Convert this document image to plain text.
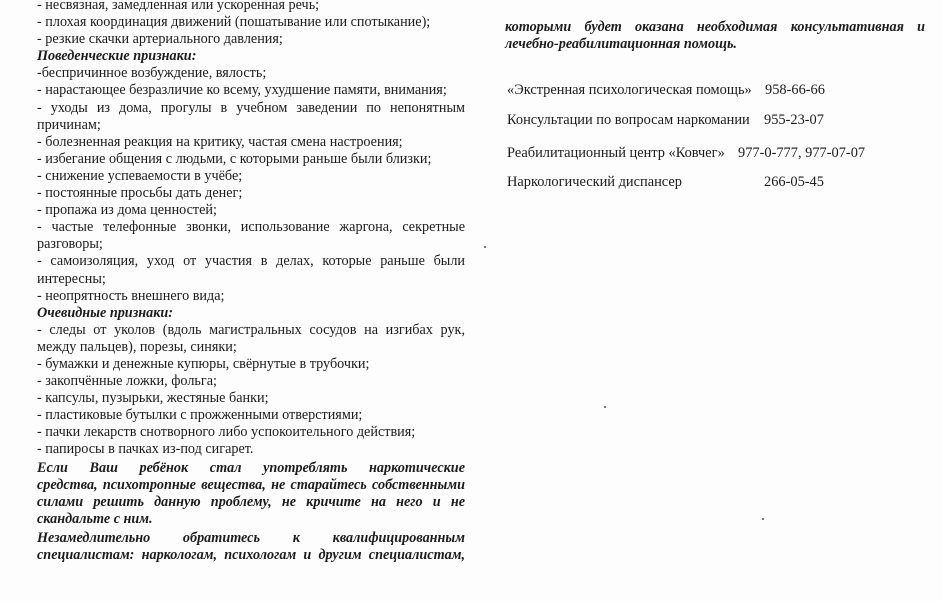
- несвязная, замедленная или ускоренная речь;
- плохая координация движений (пошатывание или спотыкание);
- резкие скачки артериального давления;
Поведенческие признаки:
-беспричинное возбуждение, вялость;
- нарастающее безразличие ко всему, ухудшение памяти, внимания;
- уходы из дома, прогулы в учебном заведении по непонятным
причинам;
- болезненная реакция на критику, частая смена настроения;
- избегание общения с людьми, с которыми раньше были близки;
- снижение успеваемости в учёбе;
- постоянные просьбы дать денег;
- пропажа из дома ценностей;
- частые телефонные звонки, использование жаргона, секретные
разговоры;
- самоизоляция, уход от участия в делах, которые раньше были
интересны;
- неопрятность внешнего вида;
Очевидные признаки:
- следы от уколов (вдоль магистральных сосудов на изгибах рук,
между пальцев), порезы, синяки;
- бумажки и денежные купюры, свёрнутые в трубочки;
- закопчённые ложки, фольга;
- капсулы, пузырьки, жестяные банки;
- пластиковые бутылки с прожженными отверстиями;
- пачки лекарств снотворного либо успокоительного действия;
- папиросы в пачках из-под сигарет.
Если Ваш ребёнок стал употреблять наркотические
средства, психотропные вещества, не старайтесь собственными
силами решить данную проблему, не кричите на него и не
скандальте с ним.
Незамедлительно обратитесь к квалифицированным
специалистам: наркологам, психологам и другим специалистам,
которыми будет оказана необходимая консультативная и
лечебно-реабилитационная помощь.
«Экстренная психологическая помощь» 958-66-66
Консультации по вопросам наркомании 955-23-07
Реабилитационный центр «Ковчег» 977-0-777, 977-07-07
Наркологический диспансер	266-05-45
